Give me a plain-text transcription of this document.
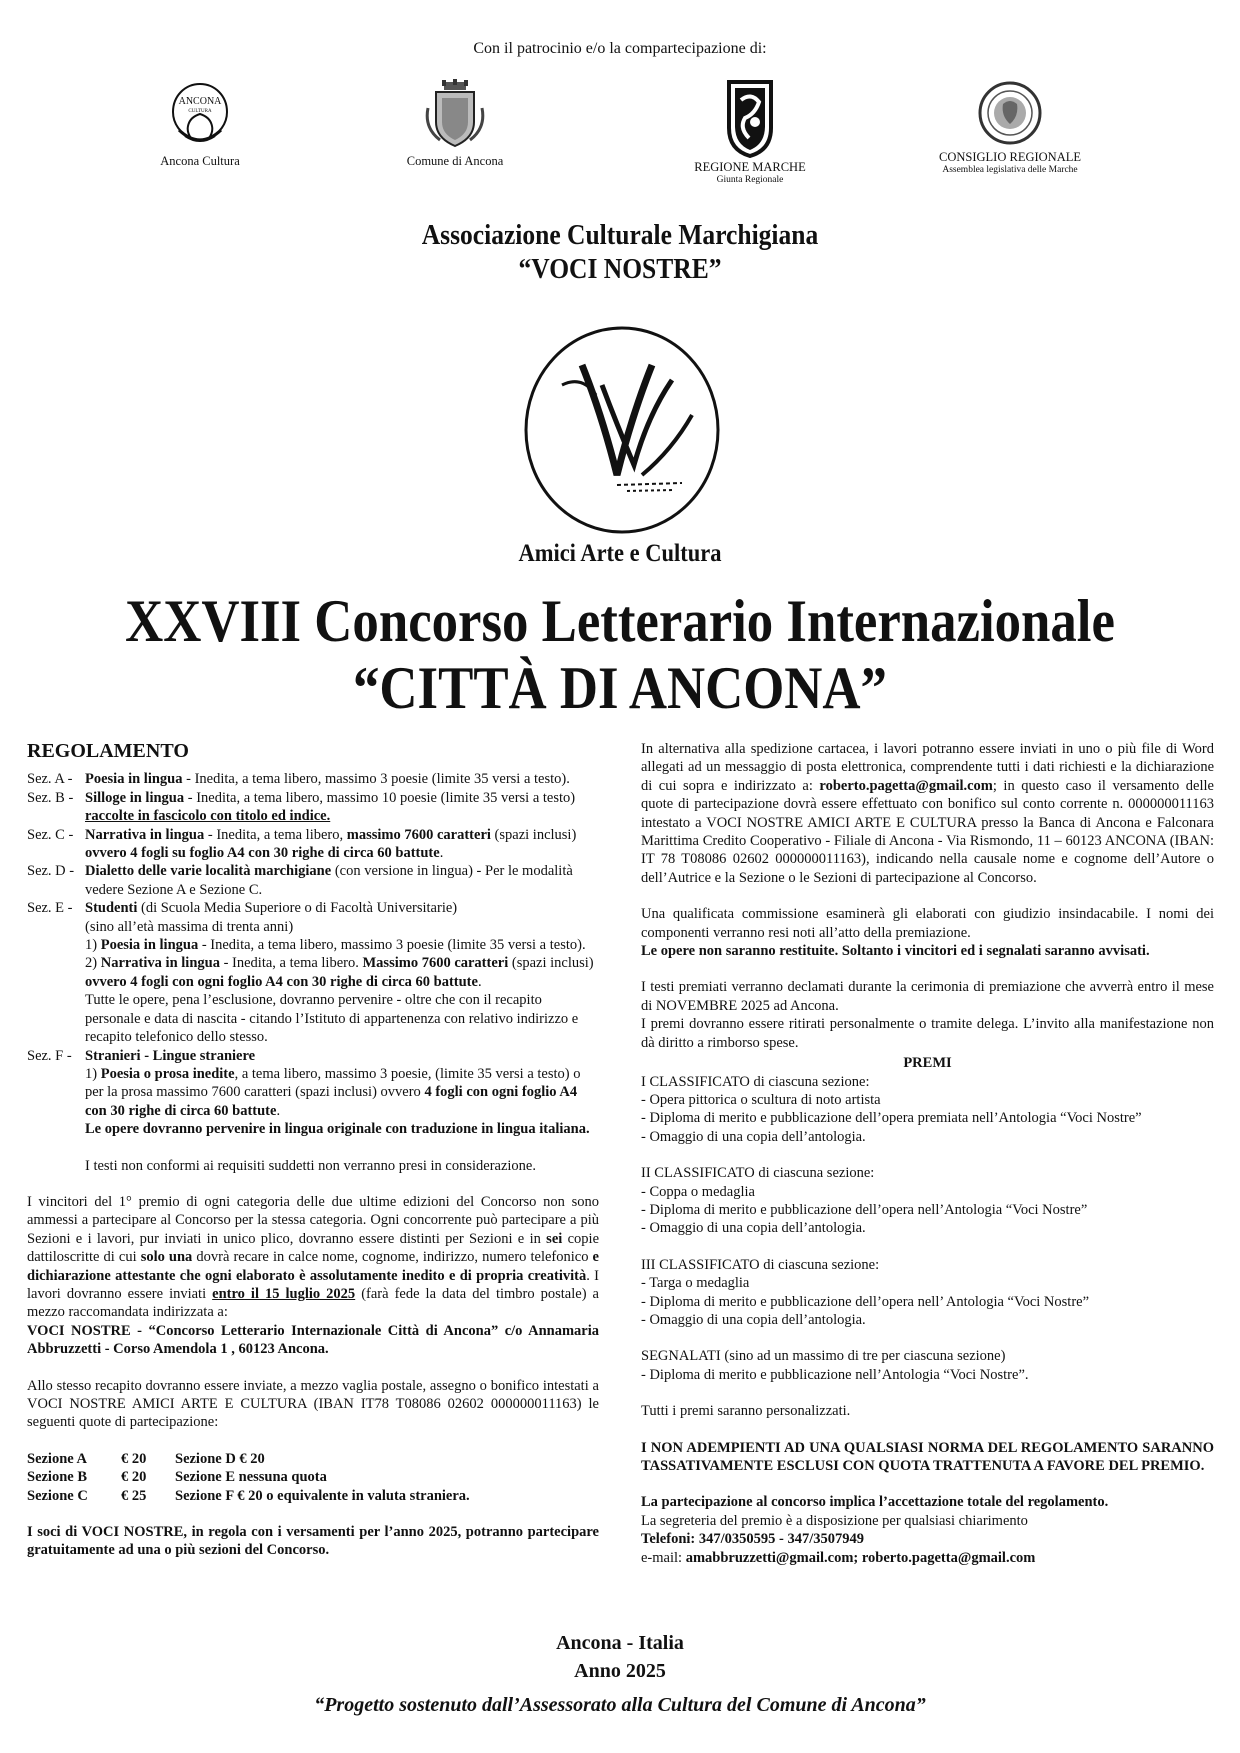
Con il patrocinio e/o la compartecipazione di:
ANCONA
CULTURA
Ancona Cultura	Comune di Ancona	REGIONE MARCHE
Giunta Regionale
CONSIGLIO REGIONALE
Assemblea legislativa delle Marche
Associazione Culturale Marchigiana
“VOCI NOSTRE”
Amici Arte e Cultura
XXVIII Concorso Letterario Internazionale
“CITTÀ DI ANCONA”
REGOLAMENTO
Sez. A - Poesia in lingua - Inedita, a tema libero, massimo 3 poesie (limite 35 versi a testo).
Sez. B - Silloge in lingua - Inedita, a tema libero, massimo 10 poesie (limite 35 versi a testo) raccolte in fascicolo con titolo ed indice.
Sez. C - Narrativa in lingua - Inedita, a tema libero, massimo 7600 caratteri (spazi inclusi) ovvero 4 fogli su foglio A4 con 30 righe di circa 60 battute.
Sez. D - Dialetto delle varie località marchigiane (con versione in lingua) - Per le modalità vedere Sezione A e Sezione C.
Sez. E - Studenti (di Scuola Media Superiore o di Facoltà Universitarie)
(sino all’età massima di trenta anni)
1) Poesia in lingua - Inedita, a tema libero, massimo 3 poesie (limite 35 versi a testo).
2) Narrativa in lingua - Inedita, a tema libero. Massimo 7600 caratteri (spazi inclusi) ovvero 4 fogli con ogni foglio A4 con 30 righe di circa 60 battute.
Tutte le opere, pena l’esclusione, dovranno pervenire - oltre che con il recapito personale e data di nascita - citando l’Istituto di appartenenza con relativo indirizzo e recapito telefonico dello stesso.
Sez. F - Stranieri - Lingue straniere
1) Poesia o prosa inedite, a tema libero, massimo 3 poesie, (limite 35 versi a testo) o per la prosa massimo 7600 caratteri (spazi inclusi) ovvero 4 fogli con ogni foglio A4 con 30 righe di circa 60 battute.
Le opere dovranno pervenire in lingua originale con traduzione in lingua italiana.

I testi non conformi ai requisiti suddetti non verranno presi in considerazione.

I vincitori del 1° premio di ogni categoria delle due ultime edizioni del Concorso non sono ammessi a partecipare al Concorso per la stessa categoria. Ogni concorrente può partecipare a più Sezioni e i lavori, pur inviati in unico plico, dovranno essere distinti per Sezioni e in sei copie dattiloscritte di cui solo una dovrà recare in calce nome, cognome, indirizzo, numero telefonico e dichiarazione attestante che ogni elaborato è assolutamente inedito e di propria creatività. I lavori dovranno essere inviati entro il 15 luglio 2025 (farà fede la data del timbro postale) a mezzo raccomandata indirizzata a:
VOCI NOSTRE - “Concorso Letterario Internazionale Città di Ancona” c/o Annamaria Abbruzzetti - Corso Amendola 1 , 60123 Ancona.

Allo stesso recapito dovranno essere inviate, a mezzo vaglia postale, assegno o bonifico intestati a VOCI NOSTRE AMICI ARTE E CULTURA (IBAN IT78 T08086 02602 000000011163) le seguenti quote di partecipazione:

Sezione A	€ 20	Sezione D € 20
Sezione B	€ 20	Sezione E nessuna quota
Sezione C	€ 25	Sezione F € 20 o equivalente in valuta straniera.

I soci di VOCI NOSTRE, in regola con i versamenti per l’anno 2025, potranno partecipare gratuitamente ad una o più sezioni del Concorso.

In alternativa alla spedizione cartacea, i lavori potranno essere inviati in uno o più file di Word allegati ad un messaggio di posta elettronica, comprendente tutti i dati richiesti e la dichiarazione di cui sopra e indirizzato a: roberto.pagetta@gmail.com; in questo caso il versamento delle quote di partecipazione dovrà essere effettuato con bonifico sul conto corrente n. 000000011163 intestato a VOCI NOSTRE AMICI ARTE E CULTURA presso la Banca di Ancona e Falconara Marittima Credito Cooperativo - Filiale di Ancona - Via Rismondo, 11 – 60123 ANCONA (IBAN: IT 78 T08086 02602 000000011163), indicando nella causale nome e cognome dell’Autore o dell’Autrice e la Sezione o le Sezioni di partecipazione al Concorso.

Una qualificata commissione esaminerà gli elaborati con giudizio insindacabile. I nomi dei componenti verranno resi noti all’atto della premiazione.

Le opere non saranno restituite. Soltanto i vincitori ed i segnalati saranno avvisati.

I testi premiati verranno declamati durante la cerimonia di premiazione che avverrà entro il mese di NOVEMBRE 2025 ad Ancona.

I premi dovranno essere ritirati personalmente o tramite delega. L’invito alla manifestazione non dà diritto a rimborso spese.

PREMI

I CLASSIFICATO di ciascuna sezione:
- Opera pittorica o scultura di noto artista
- Diploma di merito e pubblicazione dell’opera premiata nell’Antologia “Voci Nostre”
- Omaggio di una copia dell’antologia.
II CLASSIFICATO di ciascuna sezione:
- Coppa o medaglia
- Diploma di merito e pubblicazione dell’opera nell’Antologia “Voci Nostre”
- Omaggio di una copia dell’antologia.
III CLASSIFICATO di ciascuna sezione:
- Targa o medaglia
- Diploma di merito e pubblicazione dell’opera nell’ Antologia “Voci Nostre”
- Omaggio di una copia dell’antologia.
SEGNALATI (sino ad un massimo di tre per ciascuna sezione)
- Diploma di merito e pubblicazione nell’Antologia “Voci Nostre”.

Tutti i premi saranno personalizzati.

I NON ADEMPIENTI AD UNA QUALSIASI NORMA DEL REGOLAMENTO SARANNO TASSATIVAMENTE ESCLUSI CON QUOTA TRATTENUTA A FAVORE DEL PREMIO.

La partecipazione al concorso implica l’accettazione totale del regolamento.

La segreteria del premio è a disposizione per qualsiasi chiarimento

Telefoni: 347/0350595 - 347/3507949

e-mail: amabbruzzetti@gmail.com; roberto.pagetta@gmail.com

Ancona - Italia
Anno 2025
“Progetto sostenuto dall’Assessorato alla Cultura del Comune di Ancona”
